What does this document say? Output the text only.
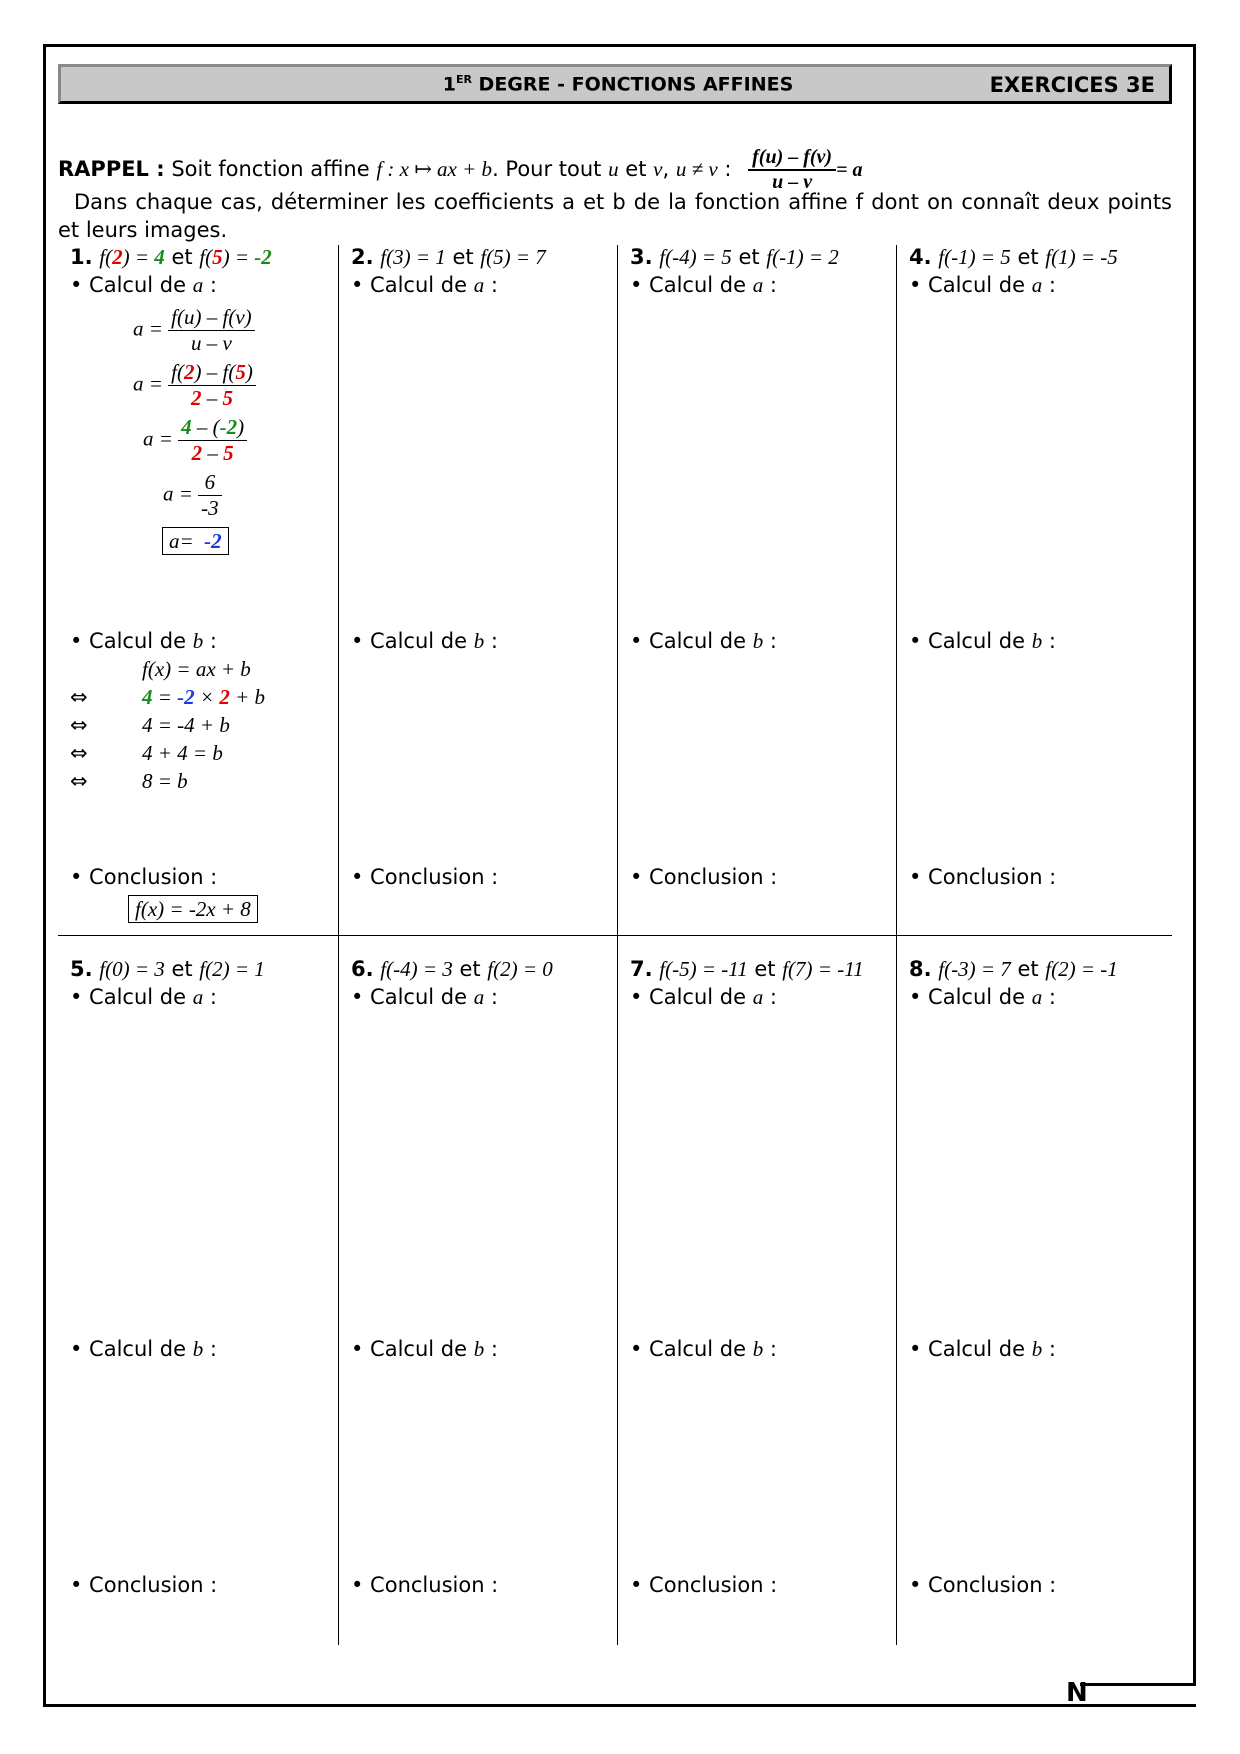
N
1ER DEGRE - FONCTIONS AFFINES	EXERCICES 3E
RAPPEL : Soit fonction affine f : x ↦ ax + b. Pour tout u et v, u ≠ v : $\frac{f(u) - f(v)}{u - v} = a$
Dans chaque cas, déterminer les coefficients a et b de la fonction affine f dont on connaît deux points et leurs images.
1. f(2) = 4 et f(5) = -2
• Calcul de a :
$a = \frac{f(u) - f(v)}{u - v}$
$a = \frac{f(2) - f(5)}{2 - 5}$
$a = \frac{4 - (-2)}{2 - 5}$
$a = \frac{6}{-3}$
a= -2
• Calcul de b :
f(x) = ax + b
⇔	4 = -2 × 2 + b
⇔	4 = -4 + b
⇔	4 + 4 = b
⇔	8 = b
• Conclusion :
f(x) = -2x + 8
2. f(3) = 1 et f(5) = 7
• Calcul de a :
• Calcul de b :
• Conclusion :
3. f(-4) = 5 et f(-1) = 2
• Calcul de a :
• Calcul de b :
• Conclusion :
4. f(-1) = 5 et f(1) = -5
• Calcul de a :
• Calcul de b :
• Conclusion :
5. f(0) = 3 et f(2) = 1
• Calcul de a :
• Calcul de b :
• Conclusion :
6. f(-4) = 3 et f(2) = 0
• Calcul de a :
• Calcul de b :
• Conclusion :
7. f(-5) = -11 et f(7) = -11
• Calcul de a :
• Calcul de b :
• Conclusion :
8. f(-3) = 7 et f(2) = -1
• Calcul de a :
• Calcul de b :
• Conclusion :
